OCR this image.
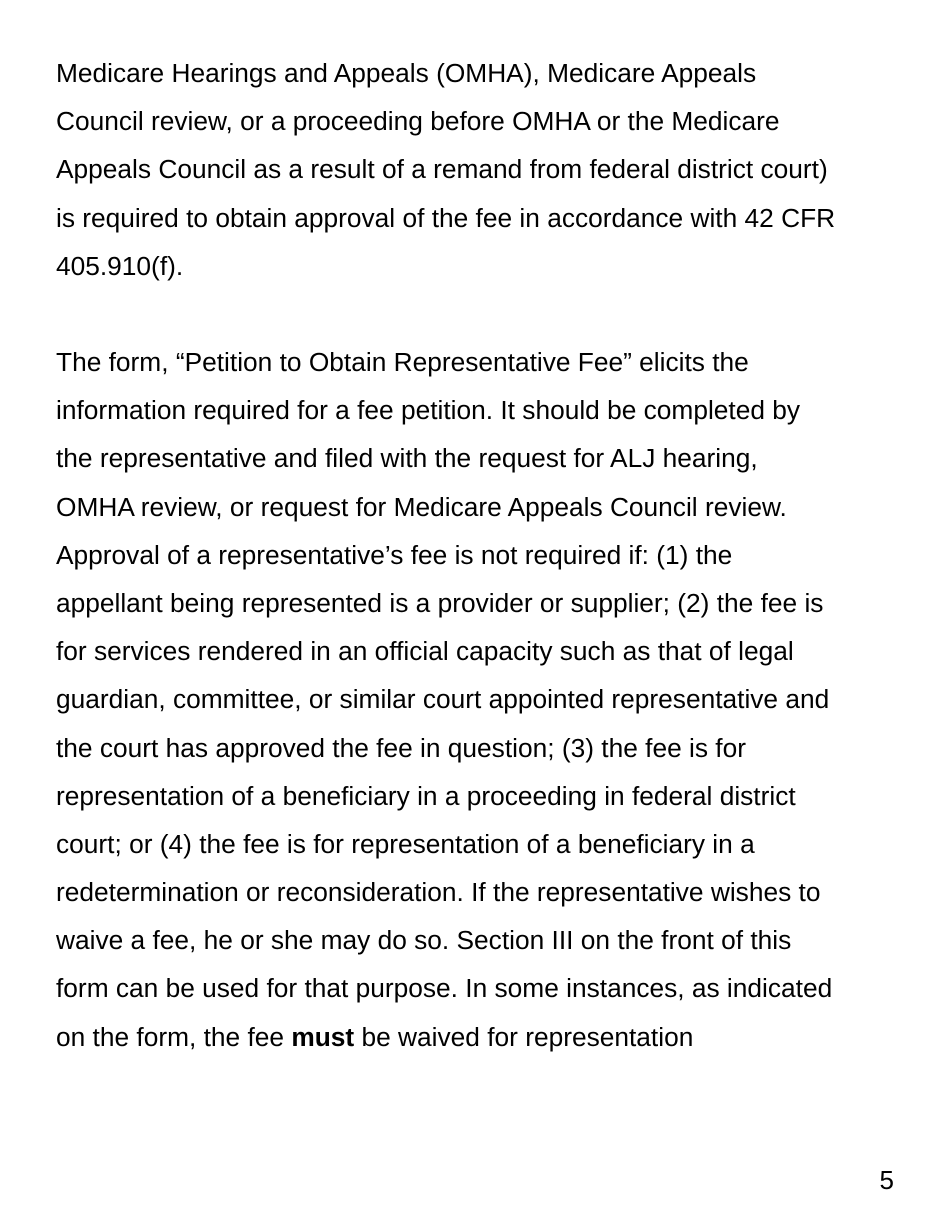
Medicare Hearings and Appeals (OMHA), Medicare Appeals
Council review, or a proceeding before OMHA or the Medicare
Appeals Council as a result of a remand from federal district court)
is required to obtain approval of the fee in accordance with 42 CFR
405.910(f).
The form, “Petition to Obtain Representative Fee” elicits the
information required for a fee petition. It should be completed by
the representative and filed with the request for ALJ hearing,
OMHA review, or request for Medicare Appeals Council review.
Approval of a representative’s fee is not required if: (1) the
appellant being represented is a provider or supplier; (2) the fee is
for services rendered in an official capacity such as that of legal
guardian, committee, or similar court appointed representative and
the court has approved the fee in question; (3) the fee is for
representation of a beneficiary in a proceeding in federal district
court; or (4) the fee is for representation of a beneficiary in a
redetermination or reconsideration. If the representative wishes to
waive a fee, he or she may do so. Section III on the front of this
form can be used for that purpose. In some instances, as indicated
on the form, the fee must be waived for representation
5
